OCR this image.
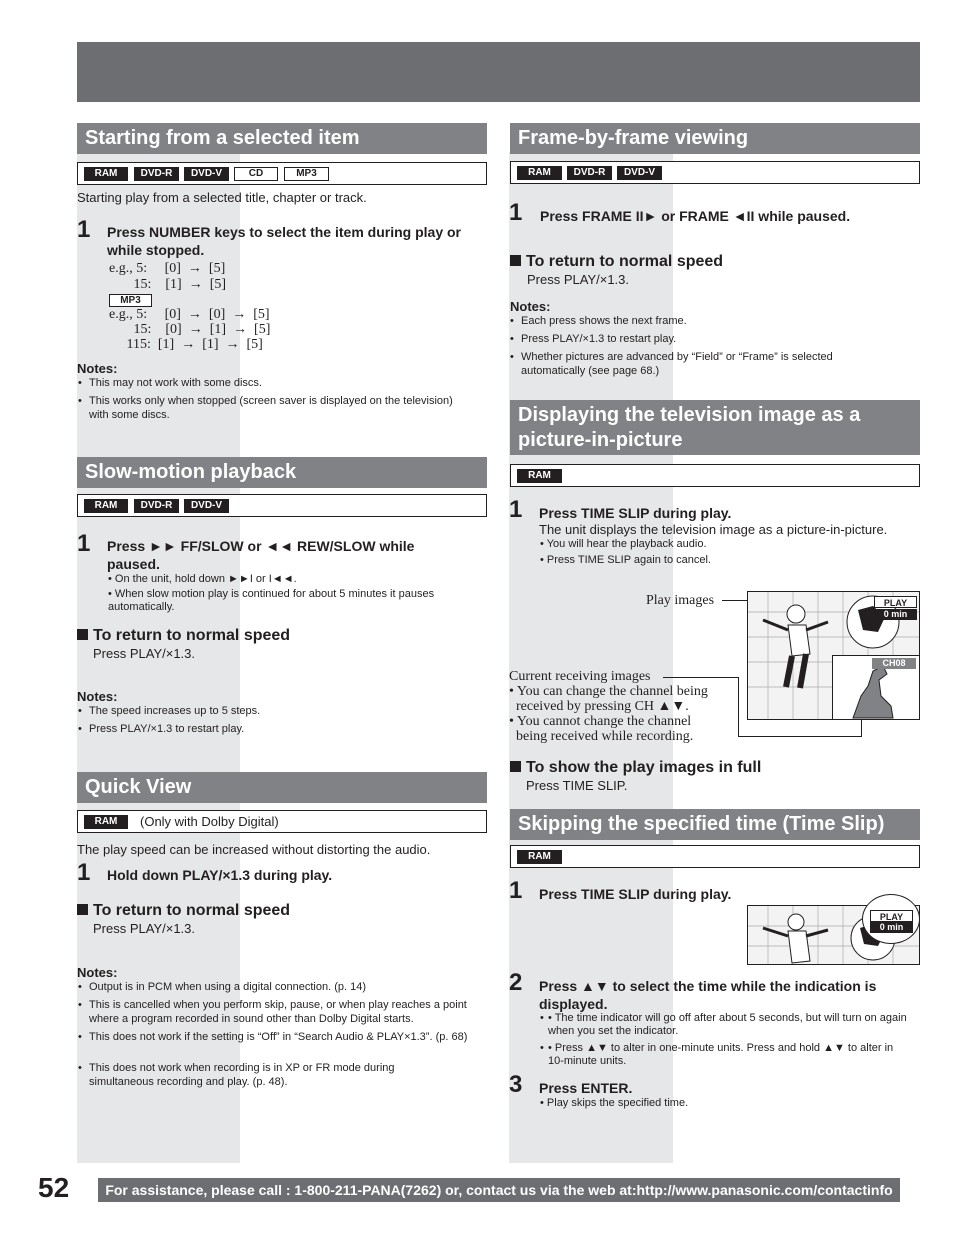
Starting from a selected item
RAM	DVD-R	DVD-V	CD	MP3
Starting play from a selected title, chapter or track.
1 Press NUMBER keys to select the item during play or while stopped.
e.g., 5:     [0]  →  [5]
15:    [1]  →  [5]
MP3
e.g., 5:     [0]  →  [0]  →  [5]
15:    [0]  →  [1]  →  [5]
115:  [1]  →  [1]  →  [5]
Notes:
• This may not work with some discs.
• This works only when stopped (screen saver is displayed on the television) with some discs.
Slow-motion playback
RAM	DVD-R	DVD-V
1 Press ►► FF/SLOW or ◄◄ REW/SLOW while paused.
• On the unit, hold down ►►I or I◄◄.
• When slow motion play is continued for about 5 minutes it pauses automatically.
To return to normal speed
Press PLAY/×1.3.
Notes:
• The speed increases up to 5 steps.
• Press PLAY/×1.3 to restart play.
Quick View
RAM	(Only with Dolby Digital)
The play speed can be increased without distorting the audio.
1 Hold down PLAY/×1.3 during play.
To return to normal speed
Press PLAY/×1.3.
Notes:
• Output is in PCM when using a digital connection. (p. 14)
• This is cancelled when you perform skip, pause, or when play reaches a point where a program recorded in sound other than Dolby Digital starts.
• This does not work if the setting is “Off” in “Search Audio & PLAY×1.3”. (p. 68)
• This does not work when recording is in XP or FR mode during simultaneous recording and play. (p. 48).
Frame-by-frame viewing
RAM	DVD-R	DVD-V
1 Press FRAME II► or FRAME ◄II while paused.
To return to normal speed
Press PLAY/×1.3.
Notes:
• Each press shows the next frame.
• Press PLAY/×1.3 to restart play.
• Whether pictures are advanced by “Field” or “Frame” is selected automatically (see page 68.)
Displaying the television image as a
picture-in-picture
RAM
1 Press TIME SLIP during play.
The unit displays the television image as a picture-in-picture.
• You will hear the playback audio.
• Press TIME SLIP again to cancel.
Play images	PLAY
0 min
CH08
Current receiving images
• You can change the channel being
received by pressing CH ▲▼.
• You cannot change the channel
being received while recording.
To show the play images in full
Press TIME SLIP.
Skipping the specified time (Time Slip)
RAM
1 Press TIME SLIP during play.
PLAY
0 min
2 Press ▲▼ to select the time while the indication is displayed.
• • The time indicator will go off after about 5 seconds, but will turn on again when you set the indicator.
• • Press ▲▼ to alter in one-minute units. Press and hold ▲▼ to alter in 10-minute units.
3 Press ENTER.
• Play skips the specified time.
52	For assistance, please call : 1-800-211-PANA(7262) or, contact us via the web at:http://www.panasonic.com/contactinfo
